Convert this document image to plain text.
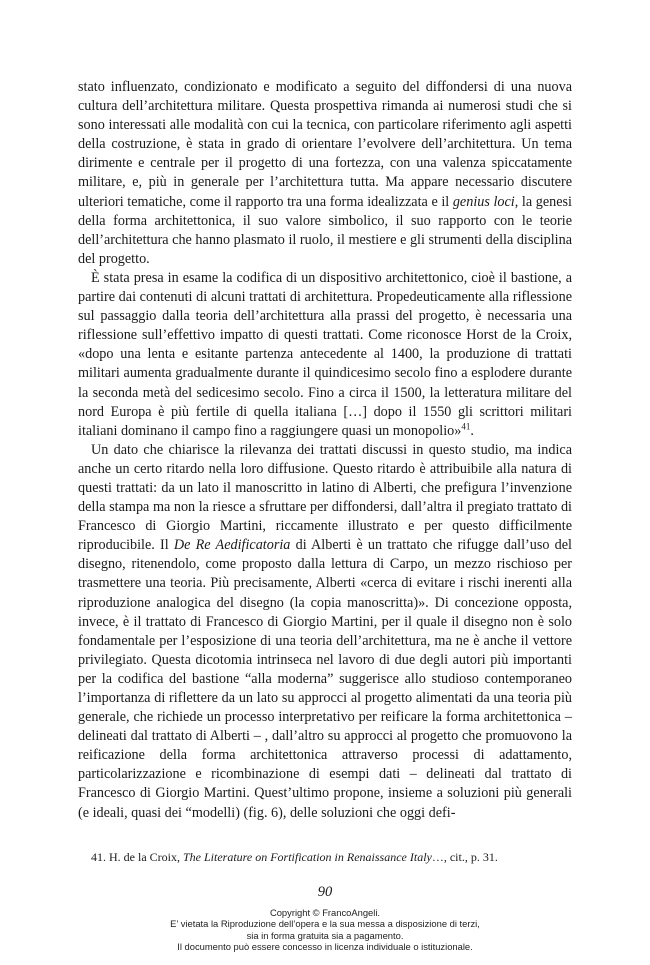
stato influenzato, condizionato e modificato a seguito del diffondersi di una nuova cultura dell’architettura militare. Questa prospettiva rimanda ai numerosi studi che si sono interessati alle modalità con cui la tecnica, con particolare riferimento agli aspetti della costruzione, è stata in grado di orientare l’evolvere dell’architettura. Un tema dirimente e centrale per il progetto di una fortezza, con una valenza spiccatamente militare, e, più in generale per l’architettura tutta. Ma appare necessario discutere ulteriori tematiche, come il rapporto tra una forma idealizzata e il genius loci, la genesi della forma architettonica, il suo valore simbolico, il suo rapporto con le teorie dell’architettura che hanno plasmato il ruolo, il mestiere e gli strumenti della disciplina del progetto.

È stata presa in esame la codifica di un dispositivo architettonico, cioè il bastione, a partire dai contenuti di alcuni trattati di architettura. Propedeuticamente alla riflessione sul passaggio dalla teoria dell’architettura alla prassi del progetto, è necessaria una riflessione sull’effettivo impatto di questi trattati. Come riconosce Horst de la Croix, «dopo una lenta e esitante partenza antecedente al 1400, la produzione di trattati militari aumenta gradualmente durante il quindicesimo secolo fino a esplodere durante la seconda metà del sedicesimo secolo. Fino a circa il 1500, la letteratura militare del nord Europa è più fertile di quella italiana […] dopo il 1550 gli scrittori militari italiani dominano il campo fino a raggiungere quasi un monopolio»$^{41}$.

Un dato che chiarisce la rilevanza dei trattati discussi in questo studio, ma indica anche un certo ritardo nella loro diffusione. Questo ritardo è attribuibile alla natura di questi trattati: da un lato il manoscritto in latino di Alberti, che prefigura l’invenzione della stampa ma non la riesce a sfruttare per diffondersi, dall’altra il pregiato trattato di Francesco di Giorgio Martini, riccamente illustrato e per questo difficilmente riproducibile. Il De Re Aedificatoria di Alberti è un trattato che rifugge dall’uso del disegno, ritenendolo, come proposto dalla lettura di Carpo, un mezzo rischioso per trasmettere una teoria. Più precisamente, Alberti «cerca di evitare i rischi inerenti alla riproduzione analogica del disegno (la copia manoscritta)». Di concezione opposta, invece, è il trattato di Francesco di Giorgio Martini, per il quale il disegno non è solo fondamentale per l’esposizione di una teoria dell’architettura, ma ne è anche il vettore privilegiato. Questa dicotomia intrinseca nel lavoro di due degli autori più importanti per la codifica del bastione “alla moderna” suggerisce allo studioso contemporaneo l’importanza di riflettere da un lato su approcci al progetto alimentati da una teoria più generale, che richiede un processo interpretativo per reificare la forma architettonica – delineati dal trattato di Alberti – , dall’altro su approcci al progetto che promuovono la reificazione della forma architettonica attraverso processi di adattamento, particolarizzazione e ricombinazione di esempi dati – delineati dal trattato di Francesco di Giorgio Martini. Quest’ultimo propone, insieme a soluzioni più generali (e ideali, quasi dei “modelli) (fig. 6), delle soluzioni che oggi defi-

41. H. de la Croix, The Literature on Fortification in Renaissance Italy…, cit., p. 31.
90
Copyright © FrancoAngeli.
E’ vietata la Riproduzione dell’opera e la sua messa a disposizione di terzi,
sia in forma gratuita sia a pagamento.
Il documento può essere concesso in licenza individuale o istituzionale.
